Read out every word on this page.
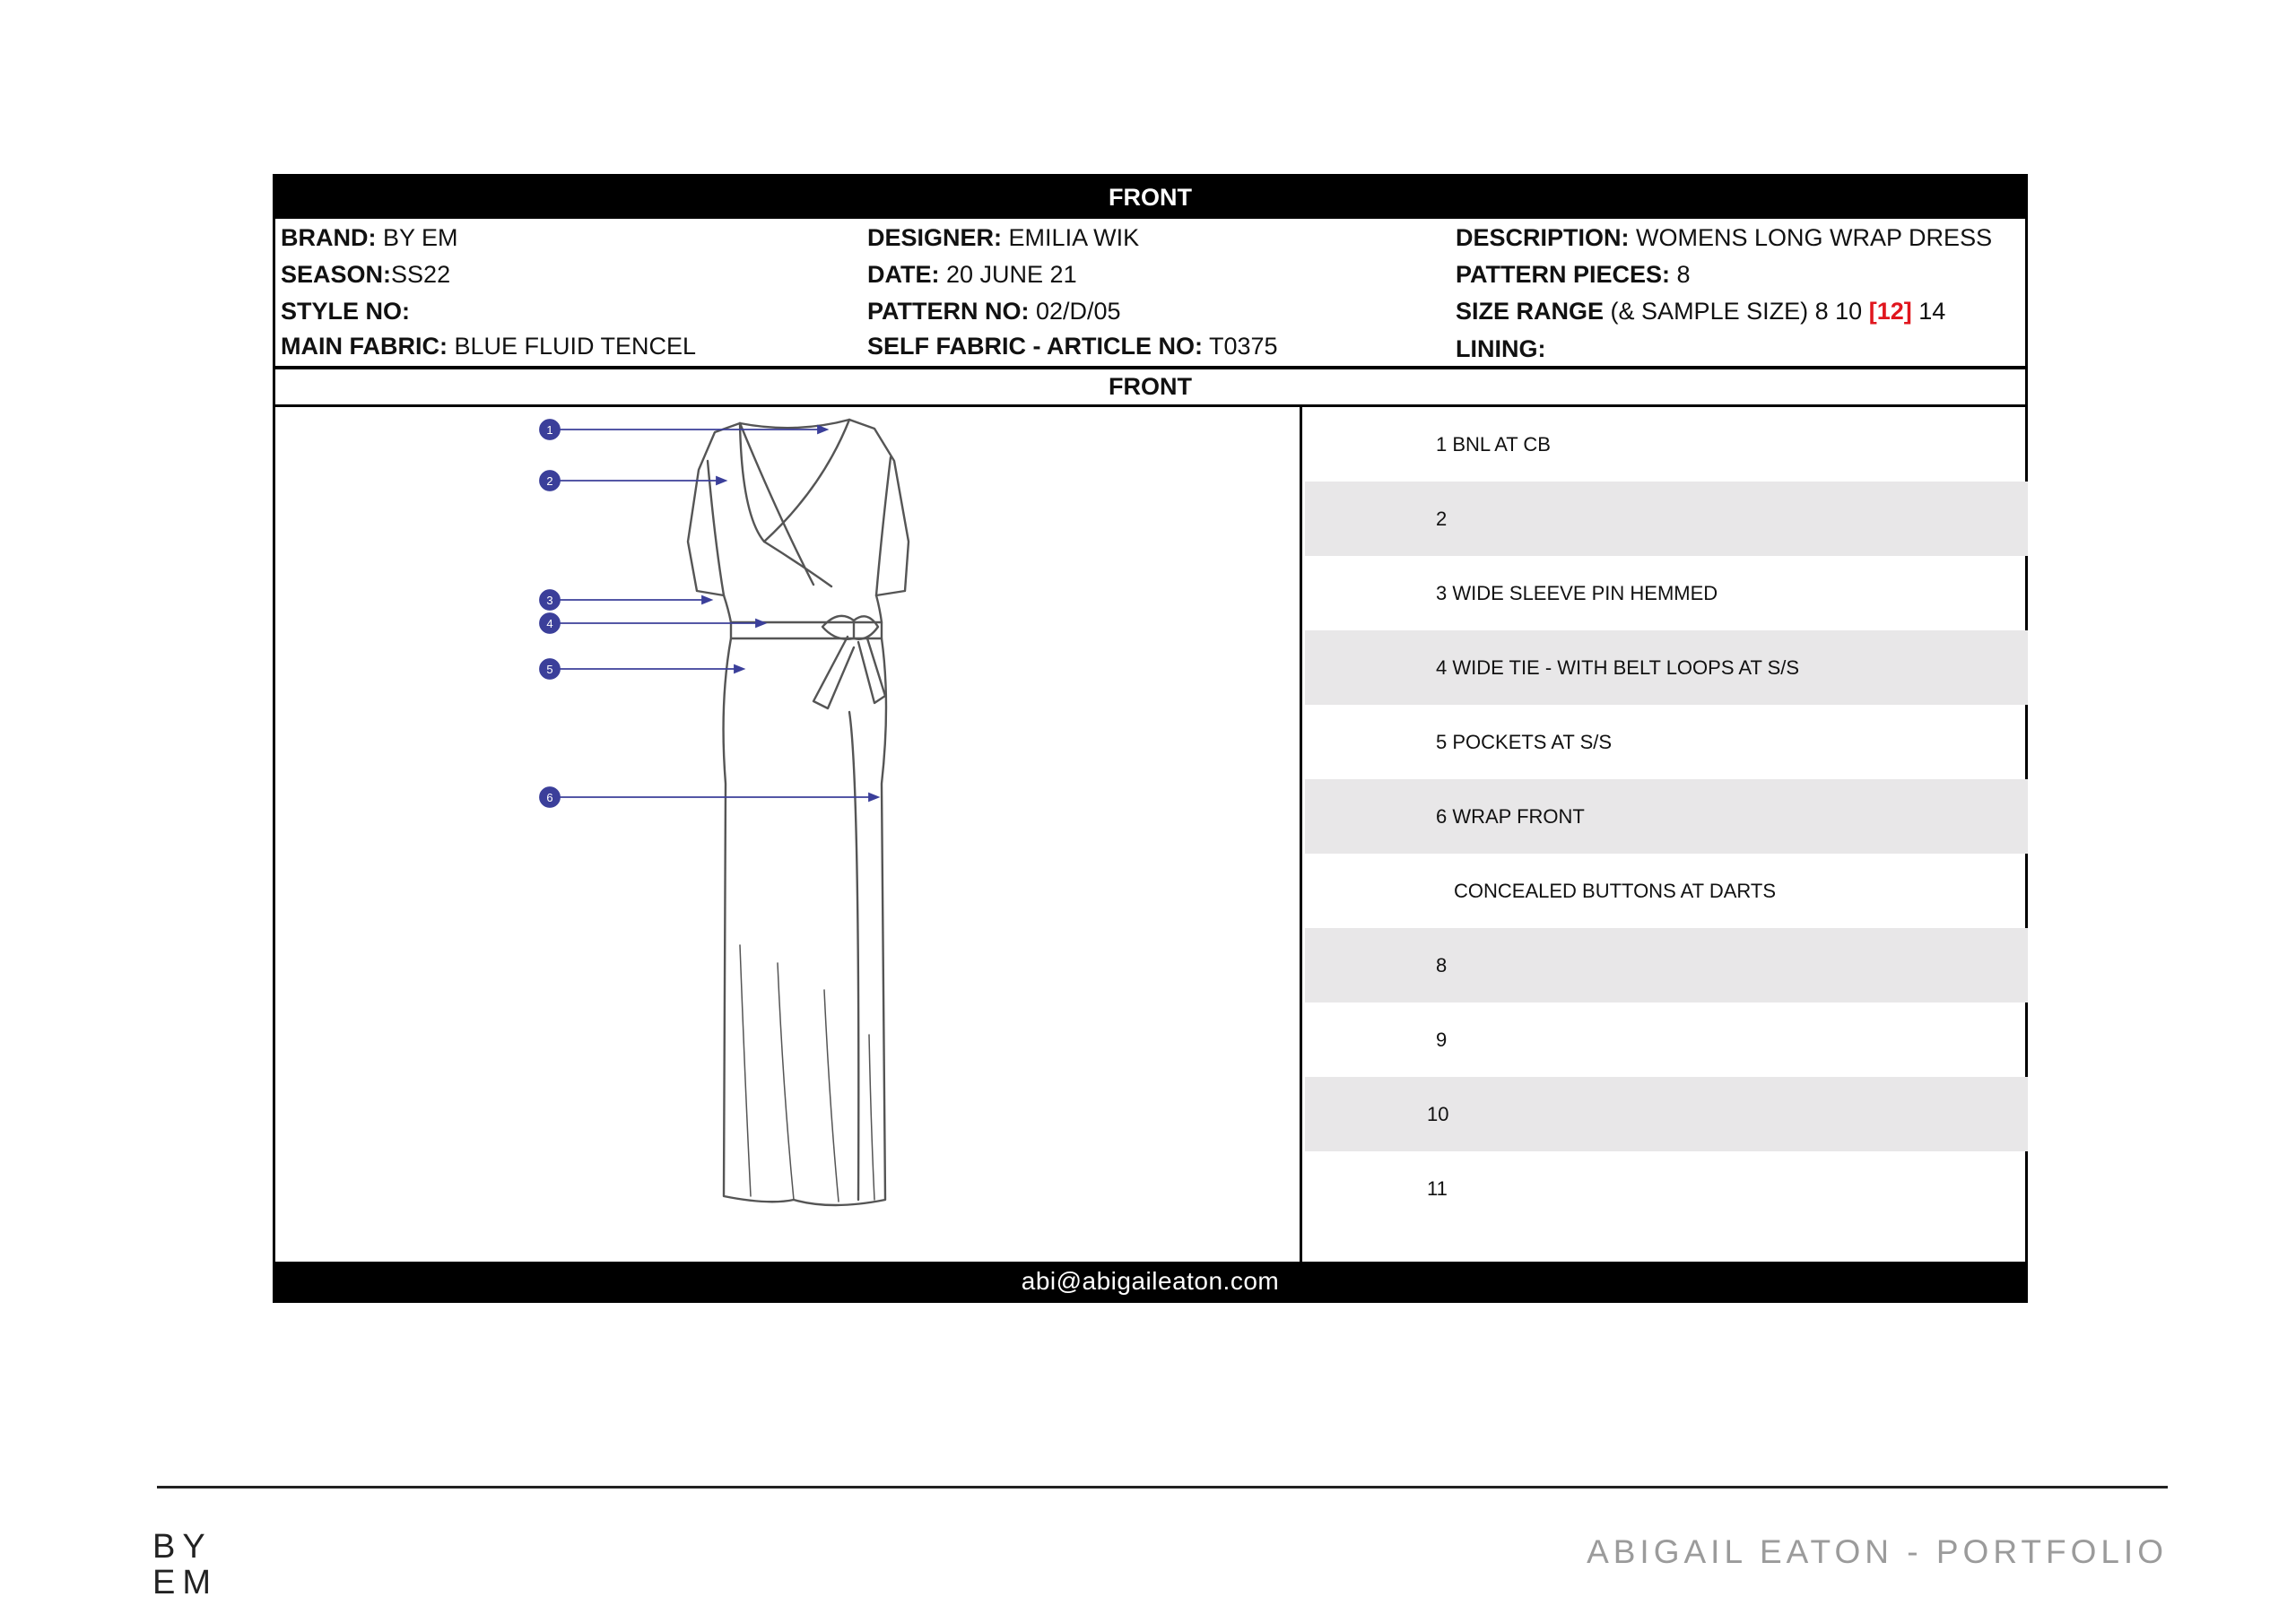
FRONT
BRAND: BY EM
SEASON:SS22
STYLE NO:
MAIN FABRIC: BLUE FLUID TENCEL
DESIGNER: EMILIA WIK
DATE: 20 JUNE 21
PATTERN NO: 02/D/05
SELF FABRIC - ARTICLE NO: T0375
DESCRIPTION: WOMENS LONG WRAP DRESS
PATTERN PIECES: 8
SIZE RANGE (& SAMPLE SIZE) 8 10 [12] 14
LINING:
FRONT
1
2
3
4
5
6
1 BNL AT CB
2
3 WIDE SLEEVE PIN HEMMED
4 WIDE TIE - WITH BELT LOOPS AT S/S
5 POCKETS AT S/S
6 WRAP FRONT
CONCEALED BUTTONS AT DARTS
8
9
10
11
abi@abigaileaton.com
BY
EM
ABIGAIL EATON - PORTFOLIO
